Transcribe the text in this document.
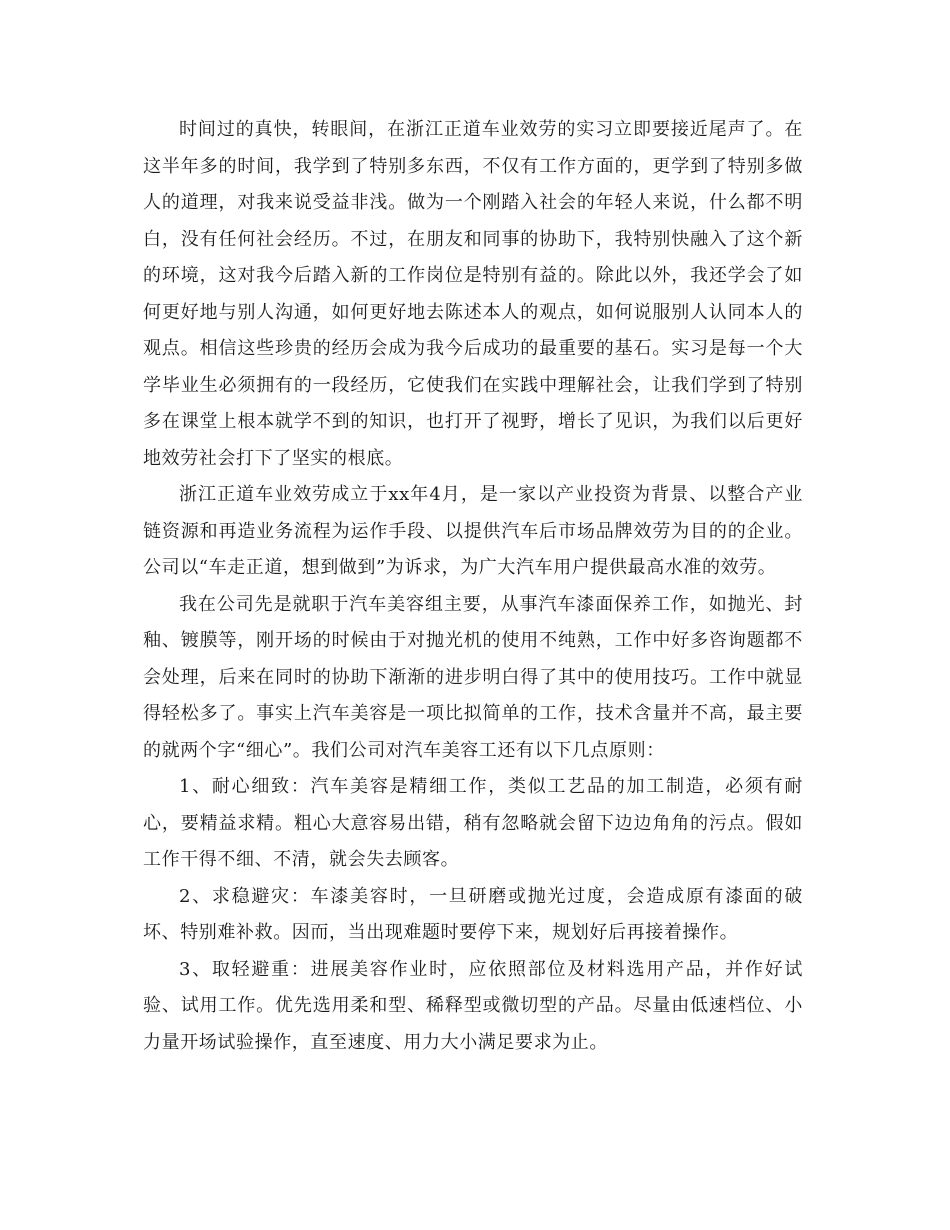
时间过的真快，转眼间，在浙江正道车业效劳的实习立即要接近尾声了。在这半年多的时间，我学到了特别多东西，不仅有工作方面的，更学到了特别多做人的道理，对我来说受益非浅。做为一个刚踏入社会的年轻人来说，什么都不明白，没有任何社会经历。不过，在朋友和同事的协助下，我特别快融入了这个新的环境，这对我今后踏入新的工作岗位是特别有益的。除此以外，我还学会了如何更好地与别人沟通，如何更好地去陈述本人的观点，如何说服别人认同本人的观点。相信这些珍贵的经历会成为我今后成功的最重要的基石。实习是每一个大学毕业生必须拥有的一段经历，它使我们在实践中理解社会，让我们学到了特别多在课堂上根本就学不到的知识，也打开了视野，增长了见识，为我们以后更好地效劳社会打下了坚实的根底。

浙江正道车业效劳成立于xx年4月，是一家以产业投资为背景、以整合产业链资源和再造业务流程为运作手段、以提供汽车后市场品牌效劳为目的的企业。公司以“车走正道，想到做到”为诉求，为广大汽车用户提供最高水准的效劳。

我在公司先是就职于汽车美容组主要，从事汽车漆面保养工作，如抛光、封釉、镀膜等，刚开场的时候由于对抛光机的使用不纯熟，工作中好多咨询题都不会处理，后来在同时的协助下渐渐的进步明白得了其中的使用技巧。工作中就显得轻松多了。事实上汽车美容是一项比拟简单的工作，技术含量并不高，最主要的就两个字“细心”。我们公司对汽车美容工还有以下几点原则：

1、耐心细致：汽车美容是精细工作，类似工艺品的加工制造，必须有耐心，要精益求精。粗心大意容易出错，稍有忽略就会留下边边角角的污点。假如工作干得不细、不清，就会失去顾客。

2、求稳避灾：车漆美容时，一旦研磨或抛光过度，会造成原有漆面的破坏、特别难补救。因而，当出现难题时要停下来，规划好后再接着操作。

3、取轻避重：进展美容作业时，应依照部位及材料选用产品，并作好试验、试用工作。优先选用柔和型、稀释型或微切型的产品。尽量由低速档位、小力量开场试验操作，直至速度、用力大小满足要求为止。
